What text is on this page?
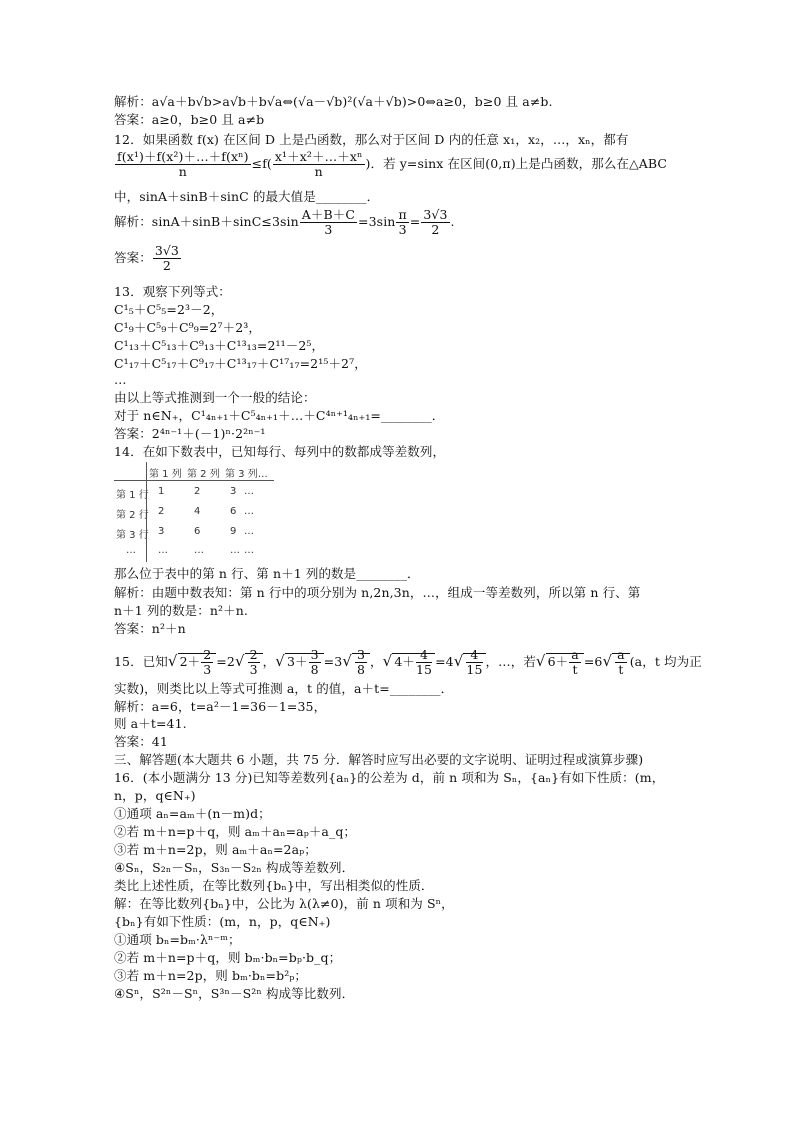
解析：a√a＋b√b>a√b＋b√a⇔(√a－√b)²(√a＋√b)>0⇔a≥0，b≥0 且 a≠b.
答案：a≥0，b≥0 且 a≠b
12．如果函数 f(x) 在区间 D 上是凸函数，那么对于区间 D 内的任意 x₁，x₂，…，xₙ，都有
$\frac{\text{f(x¹)＋f(x²)＋…＋f(xⁿ)}}{n} \le f( \frac{\text{x¹＋x²＋…＋xⁿ}}{n}$ )．若 y=sinx 在区间(0,π)上是凸函数，那么在△ABC
中，sinA＋sinB＋sinC 的最大值是________．
解析：$\sin A+\sin B+\sin C\le 3\sin \frac{A+B+C}{3} =3\sin \frac{\pi}{3} = \frac{3√3}{2}$ .
答案： $\frac{3√3}{2}$
13．观察下列等式：
C¹₅＋C⁵₅=2³－2，
C¹₉＋C⁵₉＋C⁹₉=2⁷＋2³，
C¹₁₃＋C⁵₁₃＋C⁹₁₃＋C¹³₁₃=2¹¹－2⁵，
C¹₁₇＋C⁵₁₇＋C⁹₁₇＋C¹³₁₇＋C¹⁷₁₇=2¹⁵＋2⁷，
…
由以上等式推测到一个一般的结论：
对于 n∈N₊，C¹₄ₙ₊₁＋C⁵₄ₙ₊₁＋…＋C⁴ⁿ⁺¹₄ₙ₊₁=________．
答案：2⁴ⁿ⁻¹＋(－1)ⁿ·2²ⁿ⁻¹
14．在如下数表中，已知每行、每列中的数都成等差数列，
第 1 列 第 2 列 第 3 列…
第 1 行 1	2	3 …
第 2 行 2	4	6 …
第 3 行 3	6	9 …
… …	…	… …
那么位于表中的第 n 行、第 n＋1 列的数是________．
解析：由题中数表知：第 n 行中的项分别为 n,2n,3n，…，组成一等差数列，所以第 n 行、第
n＋1 列的数是：n²＋n.
答案：n²＋n
15．已知√ $2+ \frac{2}{3} =2√ \frac{2}{3}$ ，√ $3+ \frac{3}{8} =3√ \frac{3}{8}$ ，√ $4+ \frac{4}{15} =4√ \frac{4}{15}$ ，…，若√ $6+ \frac{a}{t} =6√ \frac{a}{t} (a$，t 均为正
实数)，则类比以上等式可推测 a，t 的值，a＋t=________．
解析：a=6，t=a²－1=36－1=35，
则 a＋t=41.
答案：41
三、解答题(本大题共 6 小题，共 75 分．解答时应写出必要的文字说明、证明过程或演算步骤)
16．(本小题满分 13 分)已知等差数列{aₙ}的公差为 d，前 n 项和为 Sₙ，{aₙ}有如下性质：(m，
n，p，q∈N₊)
①通项 aₙ=aₘ＋(n－m)d；
②若 m＋n=p＋q，则 aₘ＋aₙ=aₚ＋a_q；
③若 m＋n=2p，则 aₘ＋aₙ=2aₚ；
④Sₙ，S₂ₙ－Sₙ，S₃ₙ－S₂ₙ 构成等差数列．
类比上述性质，在等比数列{bₙ}中，写出相类似的性质．
解：在等比数列{bₙ}中，公比为 λ(λ≠0)，前 n 项和为 Sⁿ，
{bₙ}有如下性质：(m，n，p，q∈N₊)
①通项 bₙ=bₘ·λⁿ⁻ᵐ；
②若 m＋n=p＋q，则 bₘ·bₙ=bₚ·b_q；
③若 m＋n=2p，则 bₘ·bₙ=b²ₚ；
④Sⁿ，S²ⁿ－Sⁿ，S³ⁿ－S²ⁿ 构成等比数列．
